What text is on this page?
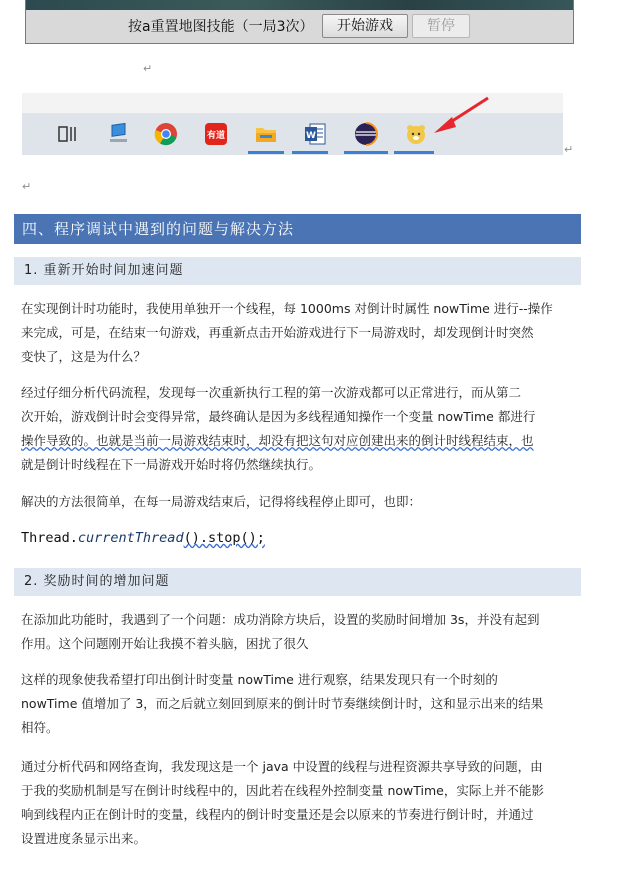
按a重置地图技能（一局3次）	开始游戏	暂停
↵
有道	W
↵
↵
四、程序调试中遇到的问题与解决方法
1. 重新开始时间加速问题
在实现倒计时功能时，我使用单独开一个线程，每 1000ms 对倒计时属性 nowTime 进行--操作
来完成，可是，在结束一句游戏，再重新点击开始游戏进行下一局游戏时，却发现倒计时突然
变快了，这是为什么？
经过仔细分析代码流程，发现每一次重新执行工程的第一次游戏都可以正常进行，而从第二
次开始，游戏倒计时会变得异常，最终确认是因为多线程通知操作一个变量 nowTime 都进行
操作导致的。也就是当前一局游戏结束时，却没有把这句对应创建出来的倒计时线程结束，也
就是倒计时线程在下一局游戏开始时将仍然继续执行。
解决的方法很简单，在每一局游戏结束后，记得将线程停止即可，也即：
Thread.currentThread().stop();
2. 奖励时间的增加问题
在添加此功能时，我遇到了一个问题：成功消除方块后，设置的奖励时间增加 3s，并没有起到
作用。这个问题刚开始让我摸不着头脑，困扰了很久
这样的现象使我希望打印出倒计时变量 nowTime 进行观察，结果发现只有一个时刻的
nowTime 值增加了 3，而之后就立刻回到原来的倒计时节奏继续倒计时，这和显示出来的结果
相符。
通过分析代码和网络查询，我发现这是一个 java 中设置的线程与进程资源共享导致的问题，由
于我的奖励机制是写在倒计时线程中的，因此若在线程外控制变量 nowTime，实际上并不能影
响到线程内正在倒计时的变量，线程内的倒计时变量还是会以原来的节奏进行倒计时，并通过
设置进度条显示出来。
